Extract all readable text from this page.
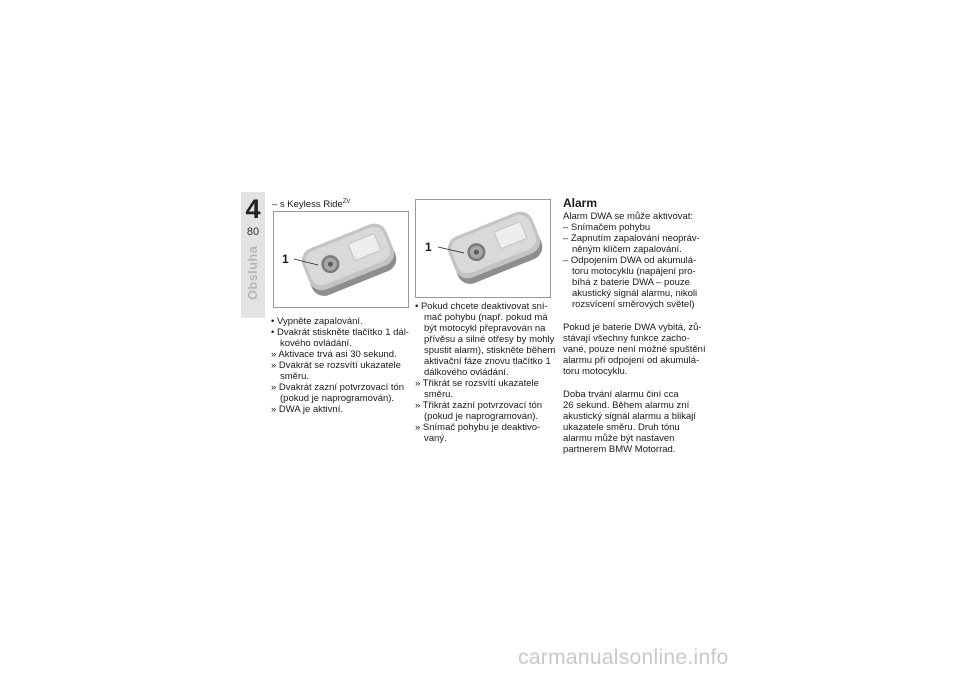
4
80
Obsluha
– s Keyless Ride$^{ZV}$
1
• Vypněte zapalování.
• Dvakrát stiskněte tlačítko 1 dál-
kového ovládání.
» Aktivace trvá asi 30 sekund.
» Dvakrát se rozsvítí ukazatele
směru.
» Dvakrát zazní potvrzovací tón
(pokud je naprogramován).
» DWA je aktivní.
1
• Pokud chcete deaktivovat sní-
mač pohybu (např. pokud má
být motocykl přepravován na
přívěsu a silné otřesy by mohly
spustit alarm), stiskněte během
aktivační fáze znovu tlačítko 1
dálkového ovládání.
» Třikrát se rozsvítí ukazatele
směru.
» Třikrát zazní potvrzovací tón
(pokud je naprogramován).
» Snímač pohybu je deaktivo-
vaný.
Alarm
Alarm DWA se může aktivovat:
– Snímačem pohybu
– Zapnutím zapalování neopráv-
něným klíčem zapalování.
– Odpojením DWA od akumulá-
toru motocyklu (napájení pro-
bíhá z baterie DWA – pouze
akustický signál alarmu, nikoli
rozsvícení směrových světel)
Pokud je baterie DWA vybitá, zů-
stávají všechny funkce zacho-
vané, pouze není možné spuštění
alarmu při odpojení od akumulá-
toru motocyklu.
Doba trvání alarmu činí cca
26 sekund. Během alarmu zní
akustický signál alarmu a blikají
ukazatele směru. Druh tónu
alarmu může být nastaven
partnerem BMW Motorrad.
carmanualsonline.info
